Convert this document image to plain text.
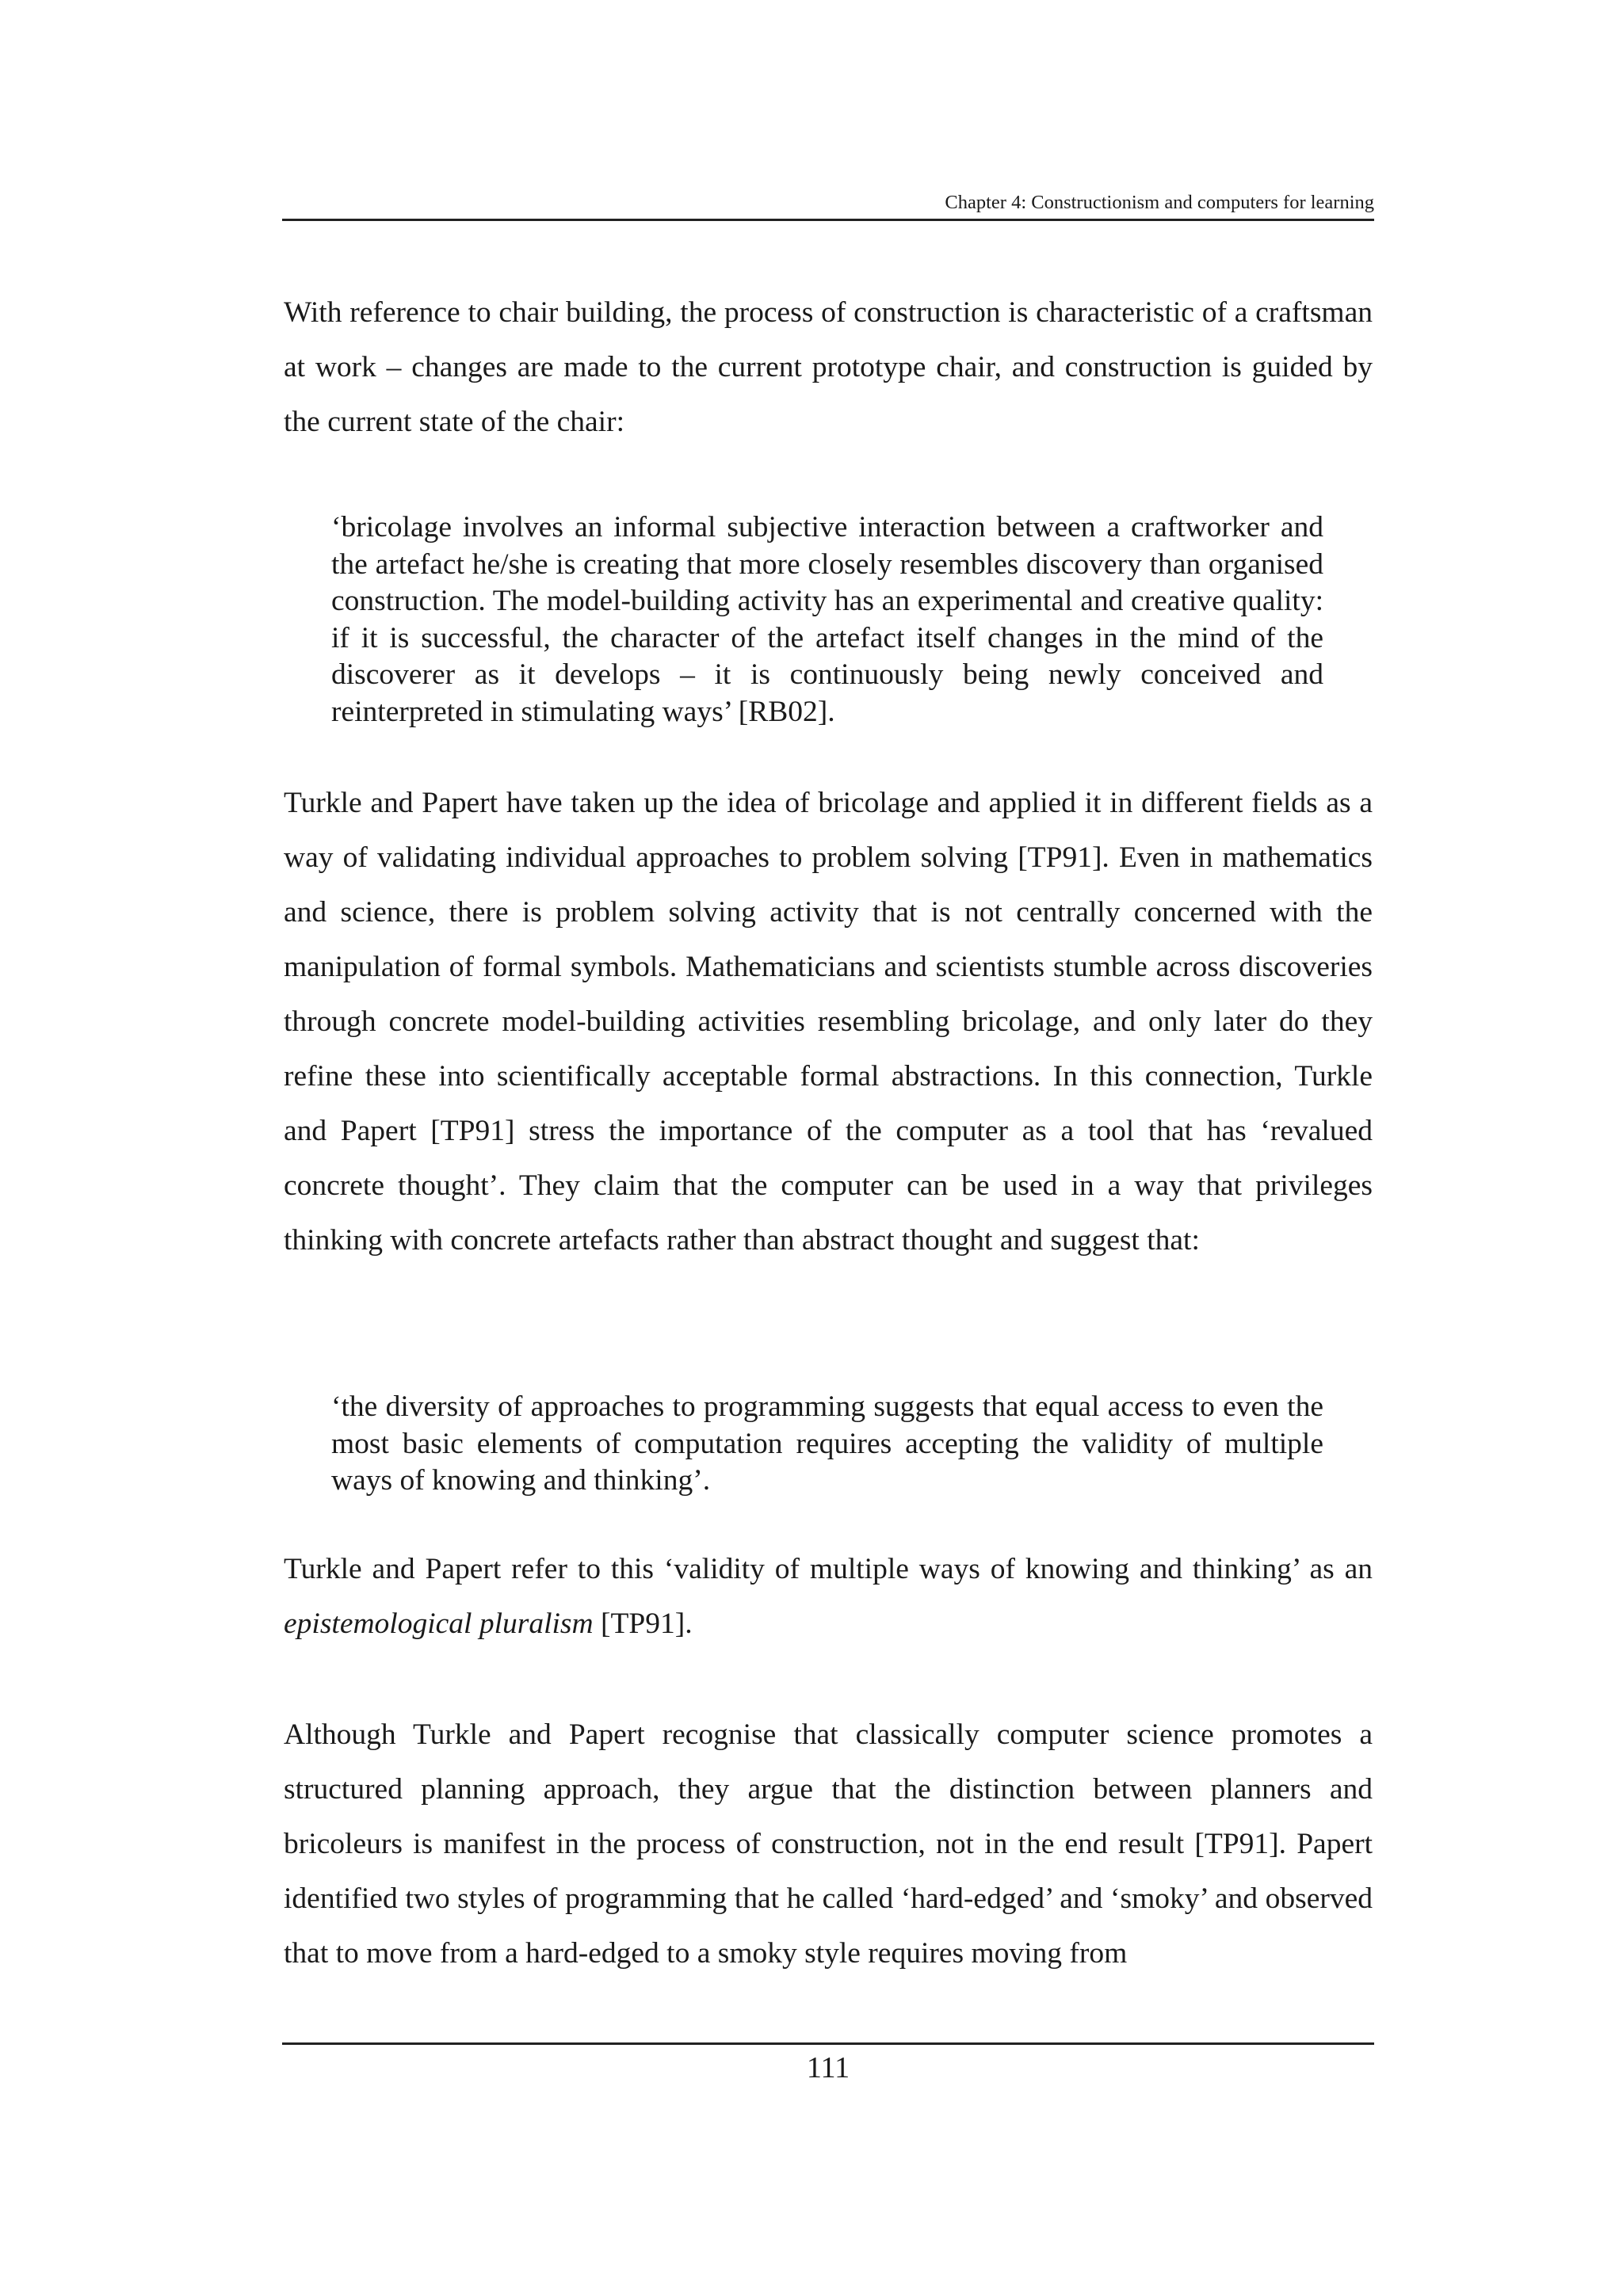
Chapter 4: Constructionism and computers for learning

With reference to chair building, the process of construction is characteristic of a craftsman at work – changes are made to the current prototype chair, and construction is guided by the current state of the chair:

‘bricolage involves an informal subjective interaction between a craftworker and the artefact he/she is creating that more closely resembles discovery than organised construction. The model-building activity has an experimental and creative quality: if it is successful, the character of the artefact itself changes in the mind of the discoverer as it develops – it is continuously being newly conceived and reinterpreted in stimulating ways’ [RB02].

Turkle and Papert have taken up the idea of bricolage and applied it in different fields as a way of validating individual approaches to problem solving [TP91]. Even in mathematics and science, there is problem solving activity that is not centrally concerned with the manipulation of formal symbols. Mathematicians and scientists stumble across discoveries through concrete model-building activities resembling bricolage, and only later do they refine these into scientifically acceptable formal abstractions. In this connection, Turkle and Papert [TP91] stress the importance of the computer as a tool that has ‘revalued concrete thought’. They claim that the computer can be used in a way that privileges thinking with concrete artefacts rather than abstract thought and suggest that:

‘the diversity of approaches to programming suggests that equal access to even the most basic elements of computation requires accepting the validity of multiple ways of knowing and thinking’.

Turkle and Papert refer to this ‘validity of multiple ways of knowing and thinking’ as an epistemological pluralism [TP91].

Although Turkle and Papert recognise that classically computer science promotes a structured planning approach, they argue that the distinction between planners and bricoleurs is manifest in the process of construction, not in the end result [TP91]. Papert identified two styles of programming that he called ‘hard-edged’ and ‘smoky’ and observed that to move from a hard-edged to a smoky style requires moving from

111
